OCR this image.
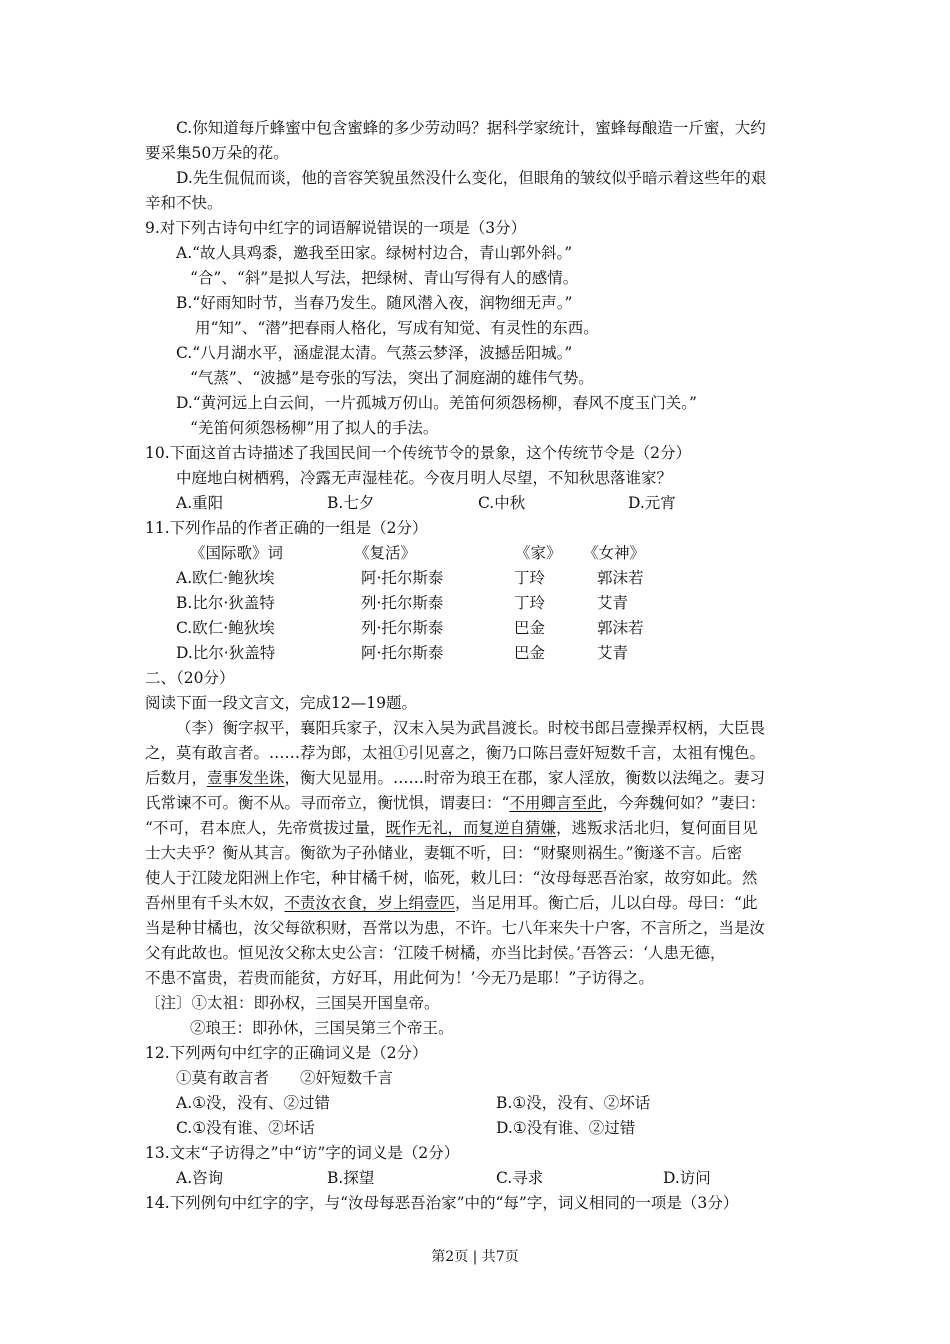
C.你知道每斤蜂蜜中包含蜜蜂的多少劳动吗？据科学家统计，蜜蜂每酿造一斤蜜，大约
要采集50万朵的花。
D.先生侃侃而谈，他的音容笑貌虽然没什么变化，但眼角的皱纹似乎暗示着这些年的艰
辛和不快。
9.对下列古诗句中红字的词语解说错误的一项是（3分）
A.“故人具鸡黍，邀我至田家。绿树村边合，青山郭外斜。”
“合”、“斜”是拟人写法，把绿树、青山写得有人的感情。
B.“好雨知时节，当春乃发生。随风潜入夜，润物细无声。”
用“知”、“潜”把春雨人格化，写成有知觉、有灵性的东西。
C.“八月湖水平，涵虚混太清。气蒸云梦泽，波撼岳阳城。”
“气蒸”、“波撼”是夸张的写法，突出了洞庭湖的雄伟气势。
D.“黄河远上白云间，一片孤城万仞山。羌笛何须怨杨柳，春风不度玉门关。”
“羌笛何须怨杨柳”用了拟人的手法。
10.下面这首古诗描述了我国民间一个传统节令的景象，这个传统节令是（2分）
中庭地白树栖鸦，冷露无声湿桂花。今夜月明人尽望，不知秋思落谁家？
A.重阳	B.七夕	C.中秋	D.元宵
11.下列作品的作者正确的一组是（2分）
《国际歌》词	《复活》	《家》 《女神》
A.欧仁·鲍狄埃	阿·托尔斯泰	丁玲	郭沫若
B.比尔·狄盖特	列·托尔斯泰	丁玲	艾青
C.欧仁·鲍狄埃	列·托尔斯泰	巴金	郭沫若
D.比尔·狄盖特	阿·托尔斯泰	巴金	艾青
二、（20分）
阅读下面一段文言文，完成12—19题。
（李）衡字叔平，襄阳兵家子，汉末入吴为武昌渡长。时校书郎吕壹操弄权柄，大臣畏
之，莫有敢言者。……荐为郎，太祖①引见喜之，衡乃口陈吕壹奸短数千言，太祖有愧色。
后数月，壹事发坐诛，衡大见显用。……时帝为琅王在郡，家人淫放，衡数以法绳之。妻习
氏常谏不可。衡不从。寻而帝立，衡忧惧，谓妻曰：“不用卿言至此，今奔魏何如？”妻曰：
“不可，君本庶人，先帝赏拔过量，既作无礼，而复逆自猜嫌，逃叛求活北归，复何面目见
士大夫乎？衡从其言。衡欲为子孙储业，妻辄不听，曰：“财聚则祸生。”衡遂不言。后密
使人于江陵龙阳洲上作宅，种甘橘千树，临死，敕儿曰：“汝母每恶吾治家，故穷如此。然
吾州里有千头木奴，不责汝衣食，岁上绢壹匹，当足用耳。衡亡后，儿以白母。母曰：“此
当是种甘橘也，汝父每欲积财，吾常以为患，不许。七八年来失十户客，不言所之，当是汝
父有此故也。恒见汝父称太史公言：‘江陵千树橘，亦当比封侯。’吾答云：‘人患无德，
不患不富贵，若贵而能贫，方好耳，用此何为！’今无乃是耶！”子访得之。
〔注〕①太祖：即孙权，三国吴开国皇帝。
②琅王：即孙休，三国吴第三个帝王。
12.下列两句中红字的正确词义是（2分）
①莫有敢言者　　②奸短数千言
A.①没，没有、②过错	B.①没，没有、②坏话
C.①没有谁、②坏话	D.①没有谁、②过错
13.文末“子访得之”中“访”字的词义是（2分）
A.咨询	B.探望	C.寻求	D.访问
14.下列例句中红字的字，与“汝母每恶吾治家”中的“每”字，词义相同的一项是（3分）
第2页 | 共7页
